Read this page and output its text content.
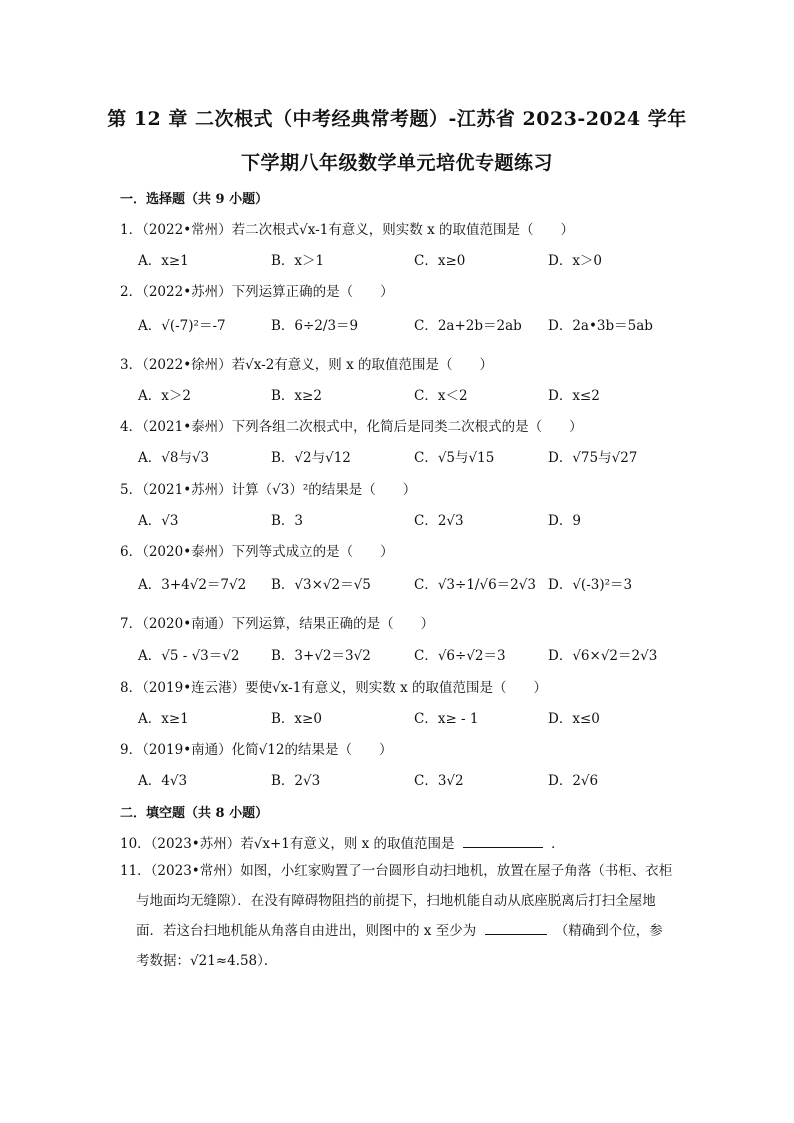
第 12 章 二次根式（中考经典常考题）-江苏省 2023-2024 学年
下学期八年级数学单元培优专题练习
一．选择题（共 9 小题）
1．（2022•常州）若二次根式√x-1有意义，则实数 x 的取值范围是（　　）
A．x≥1	B．x＞1	C．x≥0	D．x＞0
2．（2022•苏州）下列运算正确的是（　　）
A．√(-7)²＝-7	B．6÷2/3＝9	C．2a+2b＝2ab D．2a•3b＝5ab
3．（2022•徐州）若√x-2有意义，则 x 的取值范围是（　　）
A．x＞2	B．x≥2	C．x＜2	D．x≤2
4．（2021•泰州）下列各组二次根式中，化简后是同类二次根式的是（　　）
A．√8与√3	B．√2与√12	C．√5与√15	D．√75与√27
5．（2021•苏州）计算（√3）²的结果是（　　）
A．√3	B．3	C．2√3	D．9
6．（2020•泰州）下列等式成立的是（　　）
A．3+4√2＝7√2 B．√3×√2＝√5	C．√3÷1/√6＝2√3 D．√(-3)²＝3
7．（2020•南通）下列运算，结果正确的是（　　）
A．√5 - √3＝√2 B．3+√2＝3√2	C．√6÷√2＝3	D．√6×√2＝2√3
8．（2019•连云港）要使√x-1有意义，则实数 x 的取值范围是（　　）
A．x≥1	B．x≥0	C．x≥ - 1	D．x≤0
9．（2019•南通）化简√12的结果是（　　）
A．4√3	B．2√3	C．3√2	D．2√6
二．填空题（共 8 小题）
10．（2023•苏州）若√x+1有意义，则 x 的取值范围是	．
11．（2023•常州）如图，小红家购置了一台圆形自动扫地机，放置在屋子角落（书柜、衣柜
与地面均无缝隙）．在没有障碍物阻挡的前提下，扫地机能自动从底座脱离后打扫全屋地
面．若这台扫地机能从角落自由进出，则图中的 x 至少为	（精确到个位，参
考数据：√21≈4.58）．
